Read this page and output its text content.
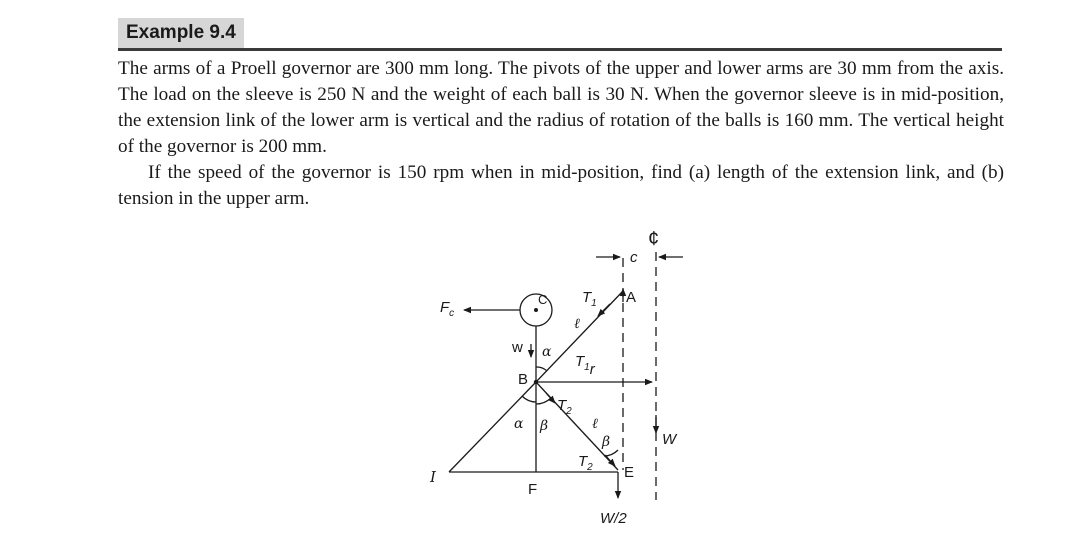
Example 9.4

The arms of a Proell governor are 300 mm long. The pivots of the upper and lower arms are 30 mm from the axis. The load on the sleeve is 250 N and the weight of each ball is 30 N. When the governor sleeve is in mid-position, the extension link of the lower arm is vertical and the radius of rotation of the balls is 160 mm. The vertical height of the governor is 200 mm.

If the speed of the governor is 150 rpm when in mid-position, find (a) length of the extension link, and (b) tension in the upper arm.

¢
c
$F_c$
C $T_1$ A
ℓ
w α
$T_1r$
B
$T_2$
α β	ℓ
β	W
I
$T_2$ E
F
W/2
